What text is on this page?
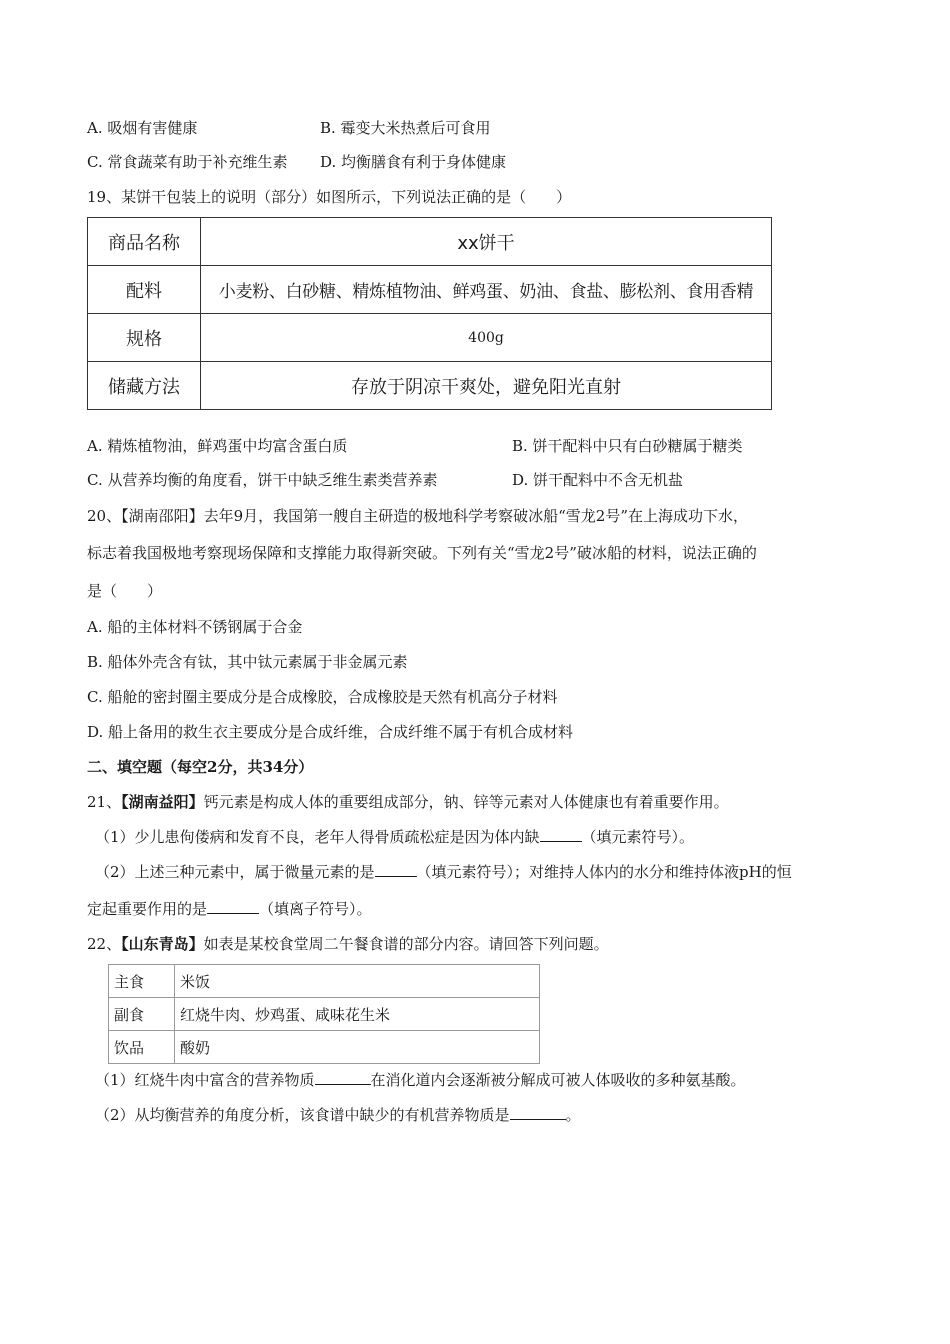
A. 吸烟有害健康	B. 霉变大米热煮后可食用
C. 常食蔬菜有助于补充维生素 D. 均衡膳食有利于身体健康
19、某饼干包装上的说明（部分）如图所示，下列说法正确的是（　　）
商品名称	xx饼干
配料	小麦粉、白砂糖、精炼植物油、鲜鸡蛋、奶油、食盐、膨松剂、食用香精
规格	400g
储藏方法	存放于阴凉干爽处，避免阳光直射
A. 精炼植物油，鲜鸡蛋中均富含蛋白质	B. 饼干配料中只有白砂糖属于糖类
C. 从营养均衡的角度看，饼干中缺乏维生素类营养素	D. 饼干配料中不含无机盐
20、【湖南邵阳】去年9月，我国第一艘自主研造的极地科学考察破冰船“雪龙2号”在上海成功下水，
标志着我国极地考察现场保障和支撑能力取得新突破。下列有关“雪龙2号”破冰船的材料，说法正确的
是（　　）
A. 船的主体材料不锈钢属于合金
B. 船体外壳含有钛，其中钛元素属于非金属元素
C. 船舱的密封圈主要成分是合成橡胶，合成橡胶是天然有机高分子材料
D. 船上备用的救生衣主要成分是合成纤维，合成纤维不属于有机合成材料
二、填空题（每空2分，共34分）
21、【湖南益阳】钙元素是构成人体的重要组成部分，钠、锌等元素对人体健康也有着重要作用。
（1）少儿患佝偻病和发育不良，老年人得骨质疏松症是因为体内缺	（填元素符号）。
（2）上述三种元素中，属于微量元素的是	（填元素符号）；对维持人体内的水分和维持体液pH的恒
定起重要作用的是	（填离子符号）。
22、【山东青岛】如表是某校食堂周二午餐食谱的部分内容。请回答下列问题。
主食	米饭
副食	红烧牛肉、炒鸡蛋、咸味花生米
饮品	酸奶
（1）红烧牛肉中富含的营养物质	在消化道内会逐渐被分解成可被人体吸收的多种氨基酸。
（2）从均衡营养的角度分析，该食谱中缺少的有机营养物质是	。
